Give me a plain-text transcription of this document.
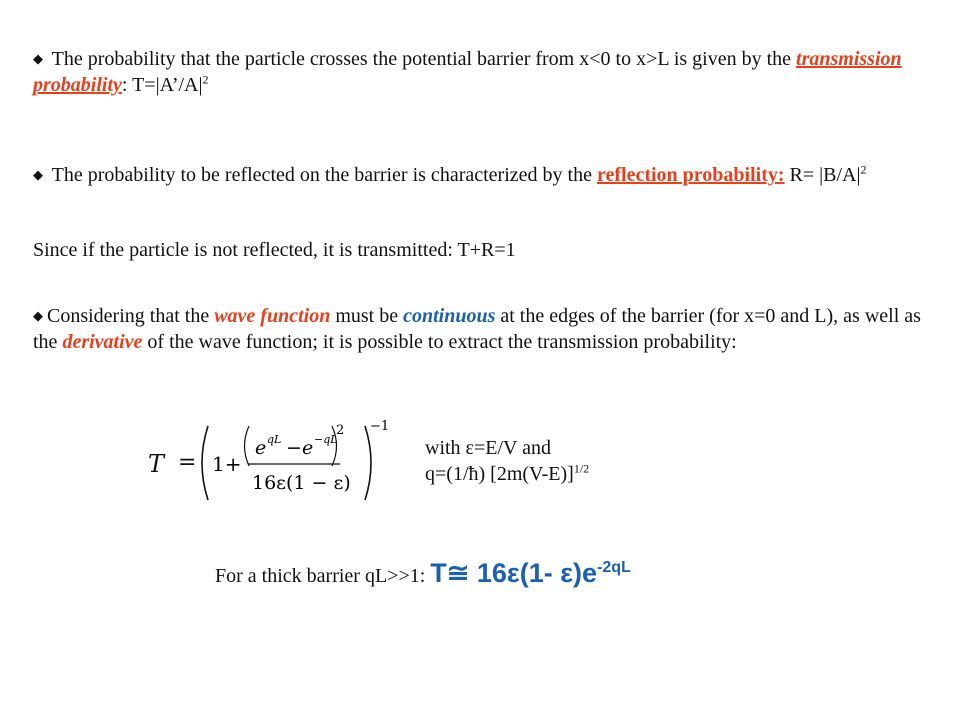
◆ The probability that the particle crosses the potential barrier from x<0 to x>L is given by the transmission probability: $T=|A’/A|^2$
◆ The probability to be reflected on the barrier is characterized by the reflection probability: $R= |B/A|^2$
Since if the particle is not reflected, it is transmitted: T+R=1
◆ Considering that the wave function must be continuous at the edges of the barrier (for x=0 and L), as well as the derivative of the wave function; it is possible to extract the transmission probability:
T = 1+
e qL − e −qL
2
16ε(1 − ε)
−1
with ε=E/V and
q=(1/ħ) $[2m(V-E)]^{1/2}$
For a thick barrier qL>>1: T≅ 16ε(1- $\varepsilon)e^{-2qL}$
